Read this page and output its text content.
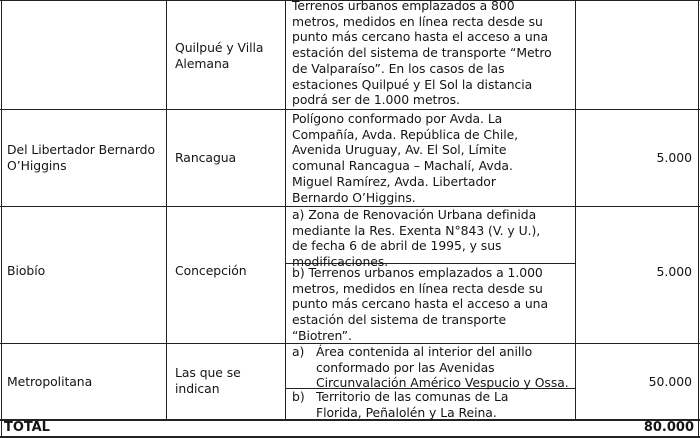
Quilpué y Villa
Alemana
Terrenos urbanos emplazados a 800
metros, medidos en línea recta desde su
punto más cercano hasta el acceso a una
estación del sistema de transporte “Metro
de Valparaíso”. En los casos de las
estaciones Quilpué y El Sol la distancia
podrá ser de 1.000 metros.
Del Libertador Bernardo
O’Higgins
Rancagua
Polígono conformado por Avda. La
Compañía, Avda. República de Chile,
Avenida Uruguay, Av. El Sol, Límite
comunal Rancagua – Machalí, Avda.
Miguel Ramírez, Avda. Libertador
Bernardo O’Higgins.
5.000
Biobío	Concepción
a) Zona de Renovación Urbana definida
mediante la Res. Exenta N°843 (V. y U.),
de fecha 6 de abril de 1995, y sus
modificaciones.
b) Terrenos urbanos emplazados a 1.000
metros, medidos en línea recta desde su
punto más cercano hasta el acceso a una
estación del sistema de transporte
“Biotren”.
5.000
Metropolitana
Las que se
indican
a) Área contenida al interior del anillo
conformado por las Avenidas
Circunvalación Américo Vespucio y Ossa.
b) Territorio de las comunas de La
Florida, Peñalolén y La Reina.
50.000
TOTAL	80.000
